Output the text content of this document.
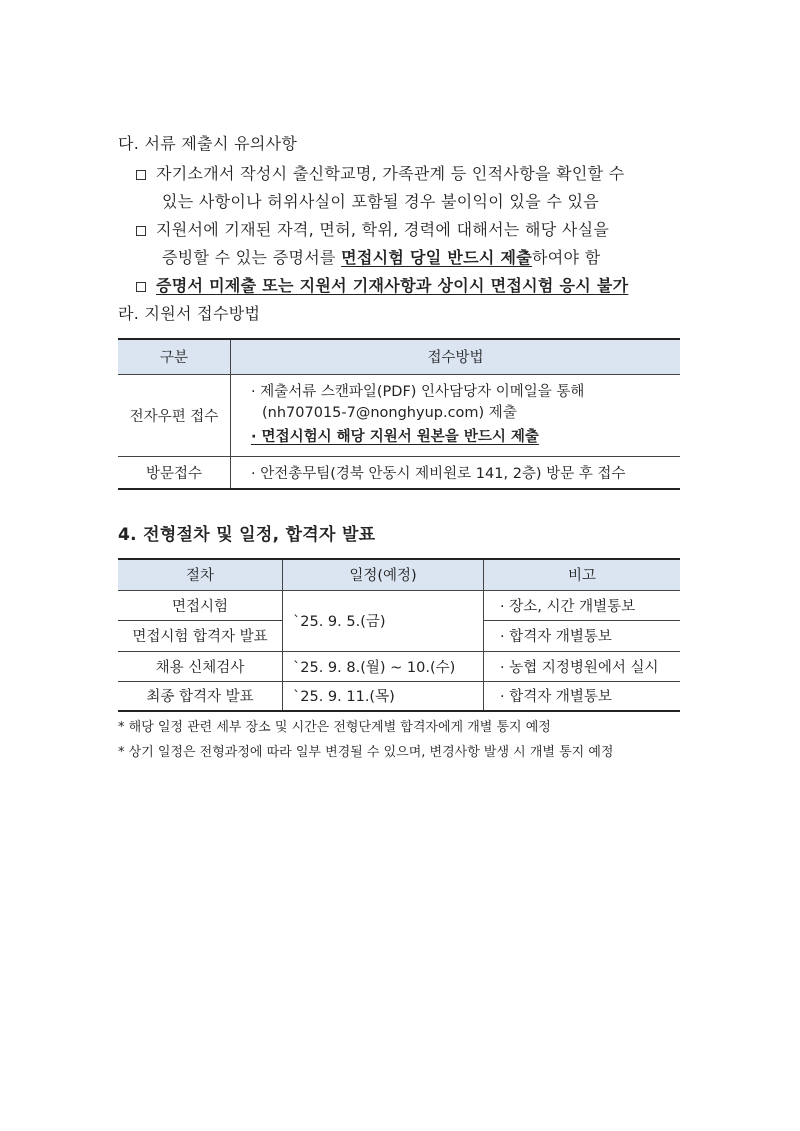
다. 서류 제출시 유의사항
자기소개서 작성시 출신학교명, 가족관계 등 인적사항을 확인할 수
있는 사항이나 허위사실이 포함될 경우 불이익이 있을 수 있음
지원서에 기재된 자격, 면허, 학위, 경력에 대해서는 해당 사실을
증빙할 수 있는 증명서를 면접시험 당일 반드시 제출하여야 함
증명서 미제출 또는 지원서 기재사항과 상이시 면접시험 응시 불가
라. 지원서 접수방법
구분	접수방법
전자우편 접수	· 제출서류 스캔파일(PDF) 인사담당자 이메일을 통해
(nh707015-7@nonghyup.com) 제출
· 면접시험시 해당 지원서 원본을 반드시 제출

방문접수	· 안전총무팀(경북 안동시 제비원로 141, 2층) 방문 후 접수
4. 전형절차 및 일정, 합격자 발표
절차	일정(예정)	비고
면접시험	`25. 9. 5.(금)	· 장소, 시간 개별통보
면접시험 합격자 발표		· 합격자 개별통보
채용 신체검사	`25. 9. 8.(월) ~ 10.(수)	· 농협 지정병원에서 실시
최종 합격자 발표	`25. 9. 11.(목)	· 합격자 개별통보
* 해당 일정 관련 세부 장소 및 시간은 전형단계별 합격자에게 개별 통지 예정
* 상기 일정은 전형과정에 따라 일부 변경될 수 있으며, 변경사항 발생 시 개별 통지 예정
